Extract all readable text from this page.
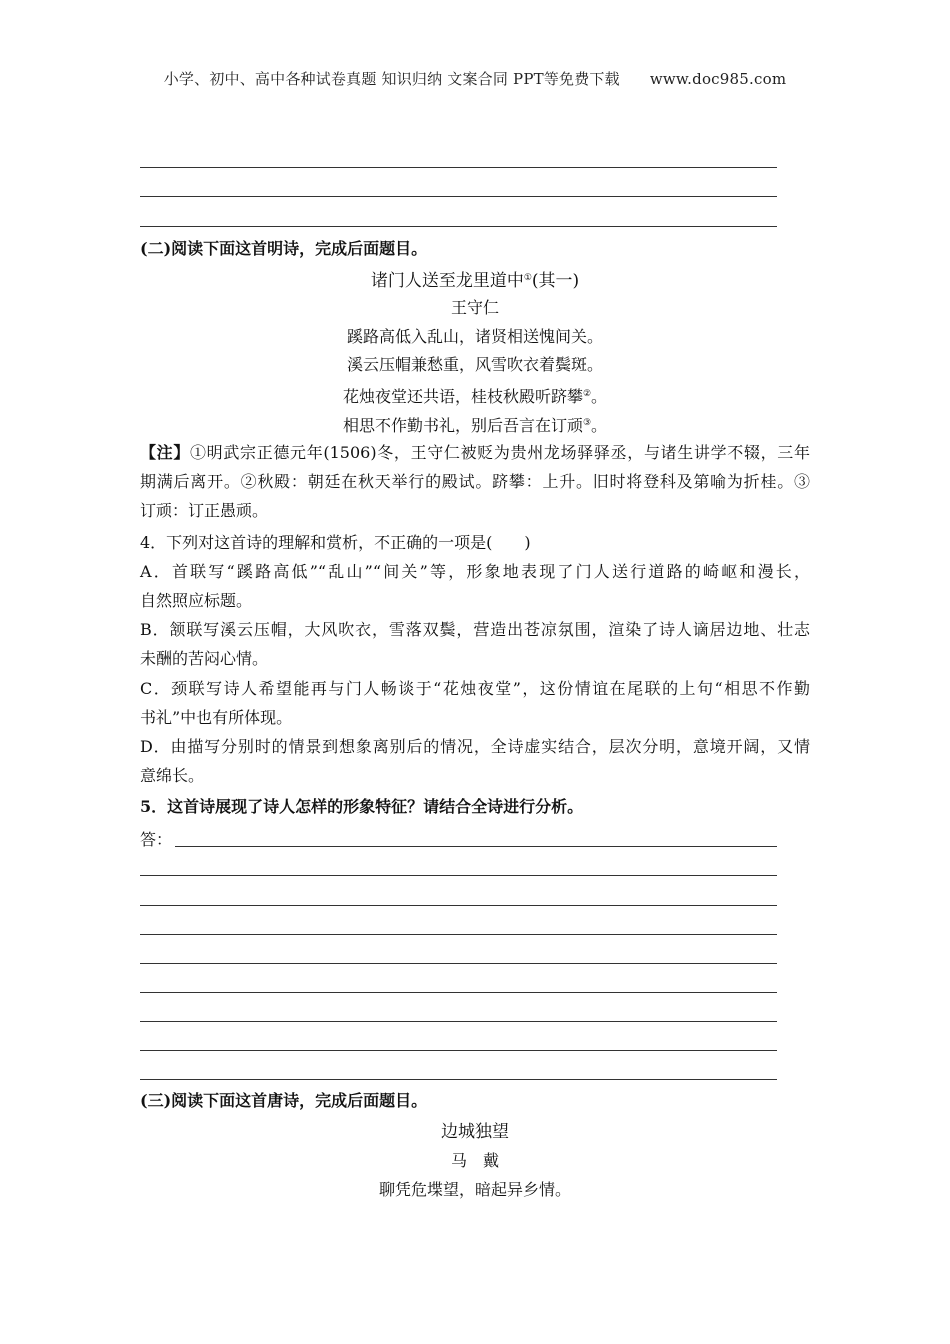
小学、初中、高中各种试卷真题 知识归纳 文案合同 PPT等免费下载 www.doc985.com
(二)阅读下面这首明诗，完成后面题目。
诸门人送至龙里道中①(其一)
王守仁
蹊路高低入乱山，诸贤相送愧间关。
溪云压帽兼愁重，风雪吹衣着鬓斑。
花烛夜堂还共语，桂枝秋殿听跻攀②。
相思不作勤书礼，别后吾言在订顽③。
【注】①明武宗正德元年(1506)冬，王守仁被贬为贵州龙场驿驿丞，与诸生讲学不辍，三年
期满后离开。②秋殿：朝廷在秋天举行的殿试。跻攀：上升。旧时将登科及第喻为折桂。③
订顽：订正愚顽。
4．下列对这首诗的理解和赏析，不正确的一项是(　　)
A．首联写“蹊路高低”“乱山”“间关”等，形象地表现了门人送行道路的崎岖和漫长，
自然照应标题。
B．颔联写溪云压帽，大风吹衣，雪落双鬓，营造出苍凉氛围，渲染了诗人谪居边地、壮志
未酬的苦闷心情。
C．颈联写诗人希望能再与门人畅谈于“花烛夜堂”，这份情谊在尾联的上句“相思不作勤
书礼”中也有所体现。
D．由描写分别时的情景到想象离别后的情况，全诗虚实结合，层次分明，意境开阔，又情
意绵长。
5．这首诗展现了诗人怎样的形象特征？请结合全诗进行分析。
答：
(三)阅读下面这首唐诗，完成后面题目。
边城独望
马　戴
聊凭危堞望，暗起异乡情。
